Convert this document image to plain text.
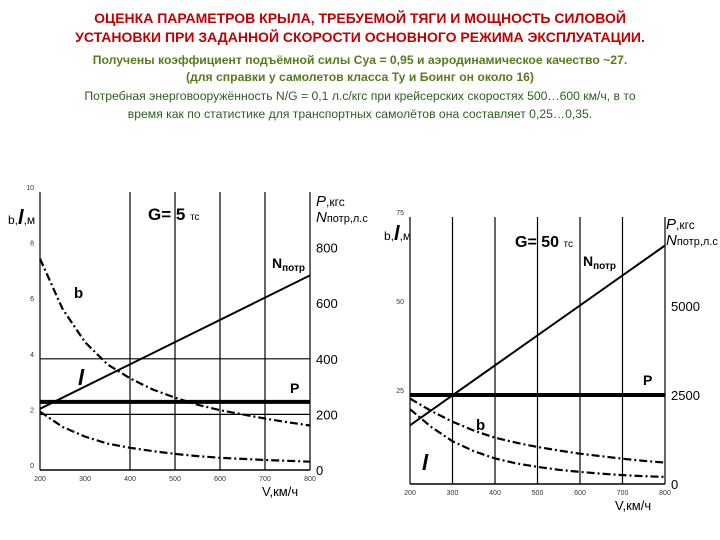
ОЦЕНКА ПАРАМЕТРОВ КРЫЛА, ТРЕБУЕМОЙ ТЯГИ И МОЩНОСТЬ СИЛОВОЙ
УСТАНОВКИ ПРИ ЗАДАННОЙ СКОРОСТИ ОСНОВНОГО РЕЖИМА ЭКСПЛУАТАЦИИ.
Получены коэффициент подъёмной силы Cya = 0,95 и аэродинамическое качество ~27.
(для справки у самолетов класса Ту и Боинг он около 16)
Потребная энерговооружённость N/G = 0,1 л.с/кгс при крейсерских скоростях 500…600 км/ч, в то
время как по статистике для транспортных самолётов она составляет 0,25…0,35.
200	300	400	500	600	700	800
0
2
4
6
8
10
0
200
400
600
800
$N_{потр}$
P
b
l
G= 5 тс
b,l,м
P,кгс
Nпотр,л.с
V,км/ч	200	300	400	500	600	700	800
25
50
75
0
2500
5000
$N_{потр}$
P
b
l
G= 50 тс
b,l,м
P,кгс
Nпотр,л.с
V,км/ч
